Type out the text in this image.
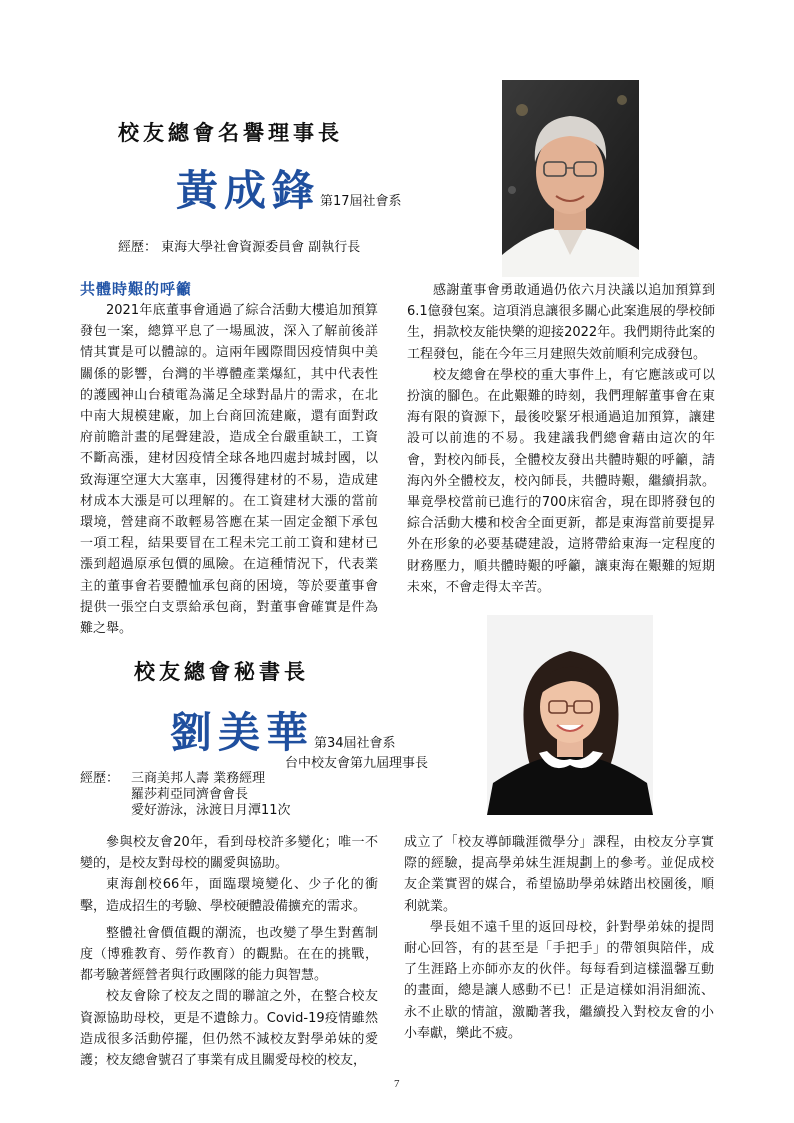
校友總會名譽理事長
黃成鋒第17屆社會系
經歷： 東海大學社會資源委員會 副執行長
共體時艱的呼籲

2021年底董事會通過了綜合活動大樓追加預算發包一案，總算平息了一場風波，深入了解前後詳情其實是可以體諒的。這兩年國際間因疫情與中美關係的影響，台灣的半導體產業爆紅，其中代表性的護國神山台積電為滿足全球對晶片的需求，在北中南大規模建廠，加上台商回流建廠，還有面對政府前瞻計畫的尾聲建設，造成全台嚴重缺工，工資不斷高漲，建材因疫情全球各地四處封城封國，以致海運空運大大塞車，因獲得建材的不易，造成建材成本大漲是可以理解的。在工資建材大漲的當前環境，營建商不敢輕易答應在某一固定金額下承包一項工程，結果要冒在工程未完工前工資和建材已漲到超過原承包價的風險。在這種情況下，代表業主的董事會若要體恤承包商的困境，等於要董事會提供一張空白支票給承包商，對董事會確實是件為難之舉。

感謝董事會勇敢通過仍依六月決議以追加預算到6.1億發包案。這項消息讓很多關心此案進展的學校師生，捐款校友能快樂的迎接2022年。我們期待此案的工程發包，能在今年三月建照失效前順利完成發包。

校友總會在學校的重大事件上，有它應該或可以扮演的腳色。在此艱難的時刻，我們理解董事會在東海有限的資源下，最後咬緊牙根通過追加預算，讓建設可以前進的不易。我建議我們總會藉由這次的年會，對校內師長，全體校友發出共體時艱的呼籲，請海內外全體校友，校內師長，共體時艱，繼續捐款。畢竟學校當前已進行的700床宿舍，現在即將發包的綜合活動大樓和校舍全面更新，都是東海當前要提昇外在形象的必要基礎建設，這將帶給東海一定程度的財務壓力，順共體時艱的呼籲，讓東海在艱難的短期未來，不會走得太辛苦。

校友總會秘書長
劉美華第34屆社會系
台中校友會第九屆理事長
經歷： 三商美邦人壽 業務經理
羅莎莉亞同濟會會長
愛好游泳，泳渡日月潭11次

參與校友會20年，看到母校許多變化；唯一不變的，是校友對母校的關愛與協助。

東海創校66年，面臨環境變化、少子化的衝擊，造成招生的考驗、學校硬體設備擴充的需求。

整體社會價值觀的潮流，也改變了學生對舊制度（博雅教育、勞作教育）的觀點。在在的挑戰，都考驗著經營者與行政團隊的能力與智慧。

校友會除了校友之間的聯誼之外，在整合校友資源協助母校，更是不遺餘力。Covid-19疫情雖然造成很多活動停擺，但仍然不減校友對學弟妹的愛護；校友總會號召了事業有成且關愛母校的校友，

成立了「校友導師職涯微學分」課程，由校友分享實際的經驗，提高學弟妹生涯規劃上的參考。並促成校友企業實習的媒合，希望協助學弟妹踏出校園後，順利就業。

學長姐不遠千里的返回母校，針對學弟妹的提問耐心回答，有的甚至是「手把手」的帶領與陪伴，成了生涯路上亦師亦友的伙伴。每每看到這樣溫馨互動的畫面，總是讓人感動不已！正是這樣如涓涓細流、永不止歇的情誼，激勵著我，繼續投入對校友會的小小奉獻，樂此不疲。

7
